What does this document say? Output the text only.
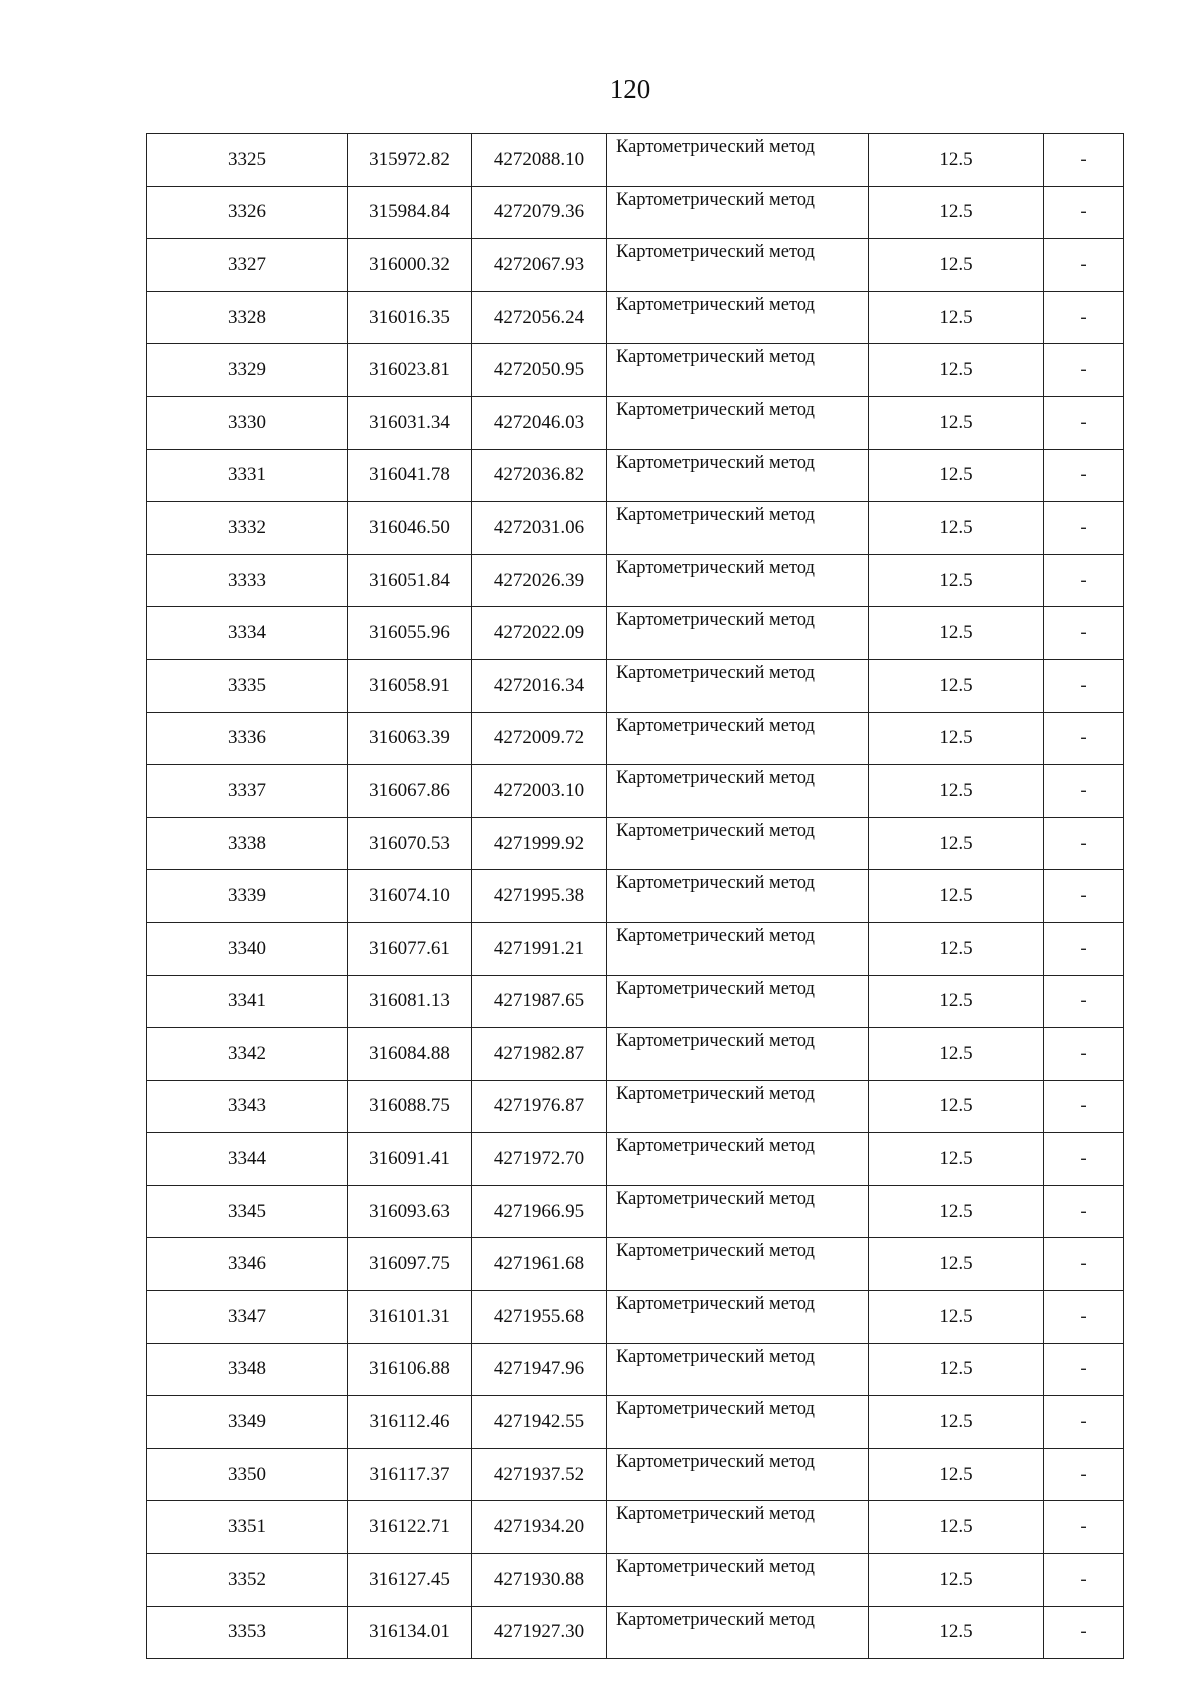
120
3325	315972.82	4272088.10	Картометрический метод	12.5	-
3326	315984.84	4272079.36	Картометрический метод	12.5	-
3327	316000.32	4272067.93	Картометрический метод	12.5	-
3328	316016.35	4272056.24	Картометрический метод	12.5	-
3329	316023.81	4272050.95	Картометрический метод	12.5	-
3330	316031.34	4272046.03	Картометрический метод	12.5	-
3331	316041.78	4272036.82	Картометрический метод	12.5	-
3332	316046.50	4272031.06	Картометрический метод	12.5	-
3333	316051.84	4272026.39	Картометрический метод	12.5	-
3334	316055.96	4272022.09	Картометрический метод	12.5	-
3335	316058.91	4272016.34	Картометрический метод	12.5	-
3336	316063.39	4272009.72	Картометрический метод	12.5	-
3337	316067.86	4272003.10	Картометрический метод	12.5	-
3338	316070.53	4271999.92	Картометрический метод	12.5	-
3339	316074.10	4271995.38	Картометрический метод	12.5	-
3340	316077.61	4271991.21	Картометрический метод	12.5	-
3341	316081.13	4271987.65	Картометрический метод	12.5	-
3342	316084.88	4271982.87	Картометрический метод	12.5	-
3343	316088.75	4271976.87	Картометрический метод	12.5	-
3344	316091.41	4271972.70	Картометрический метод	12.5	-
3345	316093.63	4271966.95	Картометрический метод	12.5	-
3346	316097.75	4271961.68	Картометрический метод	12.5	-
3347	316101.31	4271955.68	Картометрический метод	12.5	-
3348	316106.88	4271947.96	Картометрический метод	12.5	-
3349	316112.46	4271942.55	Картометрический метод	12.5	-
3350	316117.37	4271937.52	Картометрический метод	12.5	-
3351	316122.71	4271934.20	Картометрический метод	12.5	-
3352	316127.45	4271930.88	Картометрический метод	12.5	-
3353	316134.01	4271927.30	Картометрический метод	12.5	-
